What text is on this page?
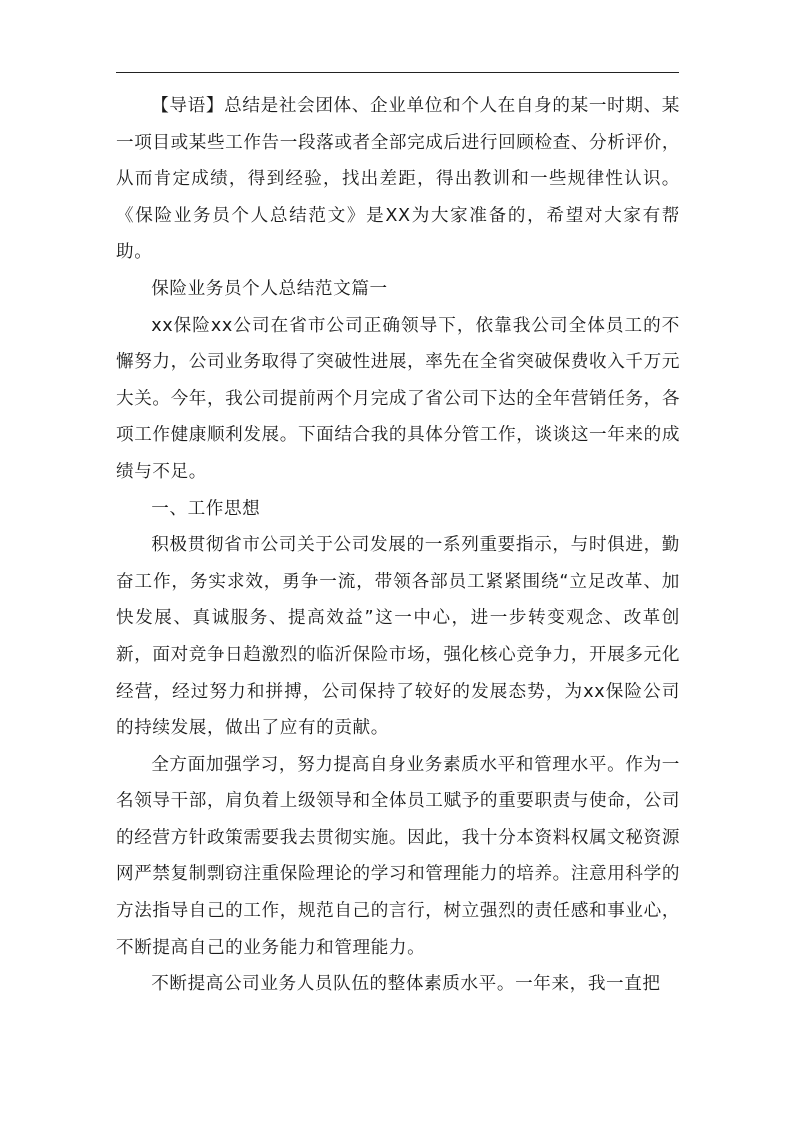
【导语】总结是社会团体、企业单位和个人在自身的某一时期、某一项目或某些工作告一段落或者全部完成后进行回顾检查、分析评价，从而肯定成绩，得到经验，找出差距，得出教训和一些规律性认识。《保险业务员个人总结范文》是XX为大家准备的，希望对大家有帮助。

保险业务员个人总结范文篇一

xx保险xx公司在省市公司正确领导下，依靠我公司全体员工的不懈努力，公司业务取得了突破性进展，率先在全省突破保费收入千万元大关。今年，我公司提前两个月完成了省公司下达的全年营销任务，各项工作健康顺利发展。下面结合我的具体分管工作，谈谈这一年来的成绩与不足。

一、工作思想

积极贯彻省市公司关于公司发展的一系列重要指示，与时俱进，勤奋工作，务实求效，勇争一流，带领各部员工紧紧围绕“立足改革、加快发展、真诚服务、提高效益”这一中心，进一步转变观念、改革创新，面对竞争日趋激烈的临沂保险市场，强化核心竞争力，开展多元化经营，经过努力和拼搏，公司保持了较好的发展态势，为xx保险公司的持续发展，做出了应有的贡献。

全方面加强学习，努力提高自身业务素质水平和管理水平。作为一名领导干部，肩负着上级领导和全体员工赋予的重要职责与使命，公司的经营方针政策需要我去贯彻实施。因此，我十分本资料权属文秘资源网严禁复制剽窃注重保险理论的学习和管理能力的培养。注意用科学的方法指导自己的工作，规范自己的言行，树立强烈的责任感和事业心，不断提高自己的业务能力和管理能力。

不断提高公司业务人员队伍的整体素质水平。一年来，我一直把
